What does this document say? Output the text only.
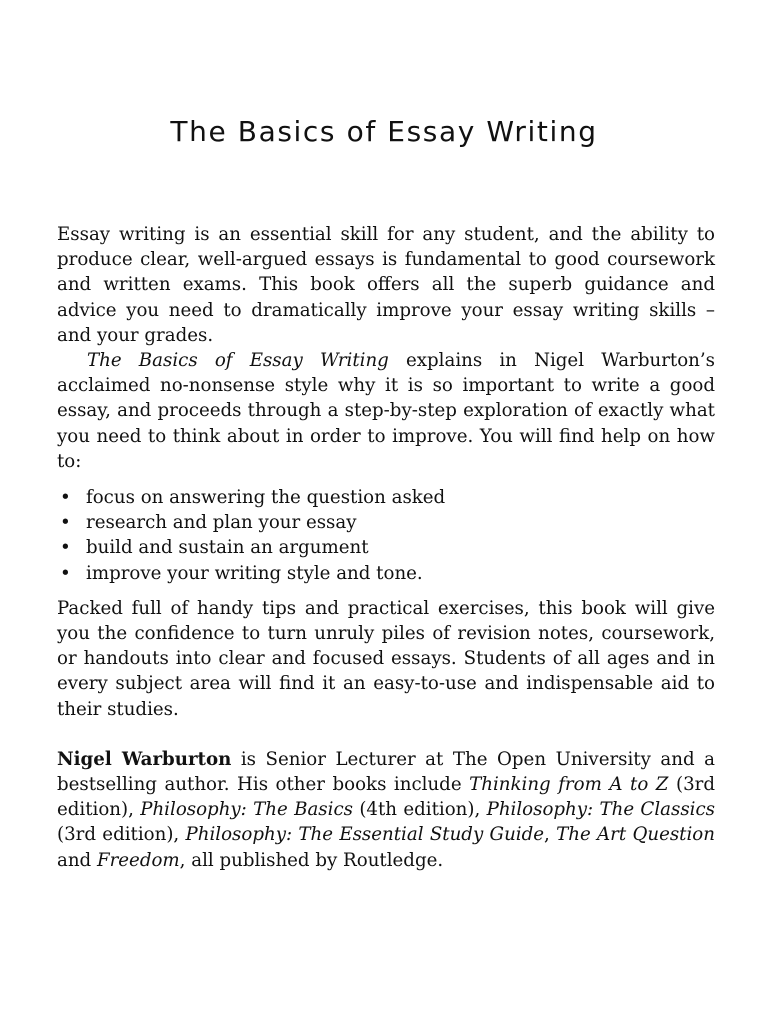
The Basics of Essay Writing

Essay writing is an essential skill for any student, and the ability to produce clear, well-argued essays is fundamental to good coursework and written exams. This book offers all the superb guidance and advice you need to dramatically improve your essay writing skills – and your grades.

The Basics of Essay Writing explains in Nigel Warburton’s acclaimed no-nonsense style why it is so important to write a good essay, and proceeds through a step-by-step exploration of exactly what you need to think about in order to improve. You will find help on how to:

• focus on answering the question asked
• research and plan your essay
• build and sustain an argument
• improve your writing style and tone.

Packed full of handy tips and practical exercises, this book will give you the confidence to turn unruly piles of revision notes, coursework, or handouts into clear and focused essays. Students of all ages and in every subject area will find it an easy-to-use and indispensable aid to their studies.

Nigel Warburton is Senior Lecturer at The Open University and a bestselling author. His other books include Thinking from A to Z (3rd edition), Philosophy: The Basics (4th edition), Philosophy: The Classics (3rd edition), Philosophy: The Essential Study Guide, The Art Question and Freedom, all published by Routledge.
